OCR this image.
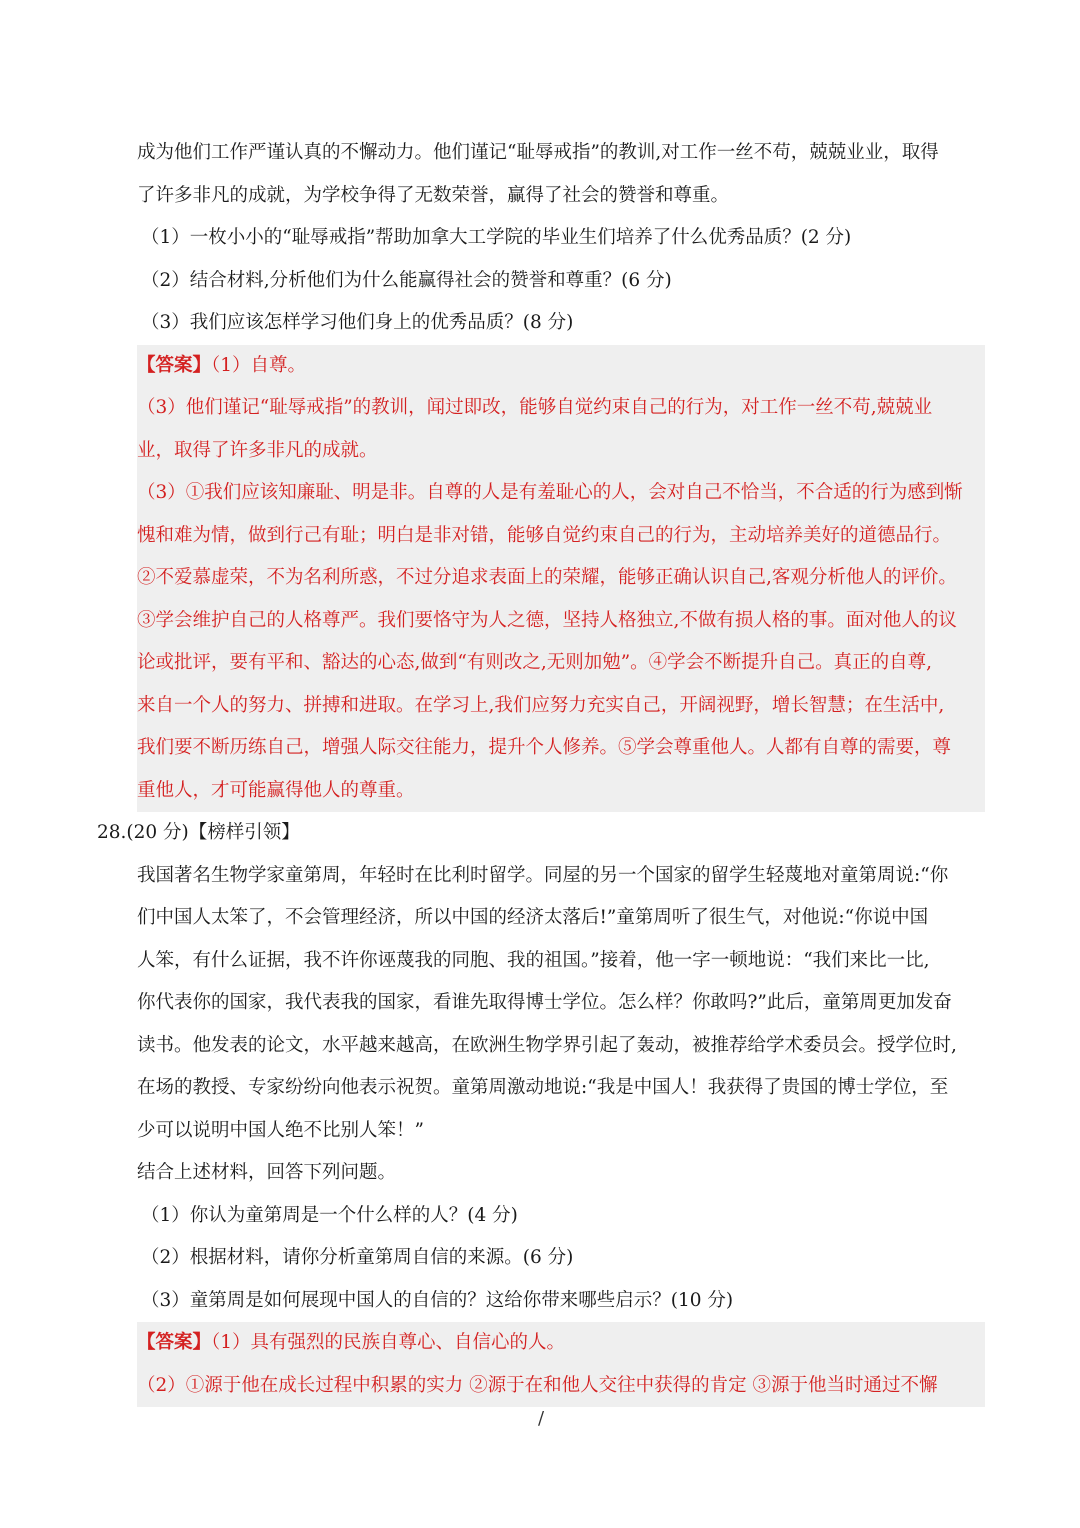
成为他们工作严谨认真的不懈动力。他们谨记“耻辱戒指”的教训,对工作一丝不苟，兢兢业业，取得
了许多非凡的成就，为学校争得了无数荣誉，赢得了社会的赞誉和尊重。
（1）一枚小小的“耻辱戒指”帮助加拿大工学院的毕业生们培养了什么优秀品质？(2 分)
（2）结合材料,分析他们为什么能赢得社会的赞誉和尊重？(6 分)
（3）我们应该怎样学习他们身上的优秀品质？(8 分)
【答案】（1）自尊。
（3）他们谨记“耻辱戒指”的教训，闻过即改，能够自觉约束自己的行为，对工作一丝不苟,兢兢业
业，取得了许多非凡的成就。
（3）①我们应该知廉耻、明是非。自尊的人是有羞耻心的人，会对自己不恰当，不合适的行为感到惭
愧和难为情，做到行己有耻；明白是非对错，能够自觉约束自己的行为，主动培养美好的道德品行。
②不爱慕虚荣，不为名利所惑，不过分追求表面上的荣耀，能够正确认识自己,客观分析他人的评价。
③学会维护自己的人格尊严。我们要恪守为人之德，坚持人格独立,不做有损人格的事。面对他人的议
论或批评，要有平和、豁达的心态,做到“有则改之,无则加勉”。④学会不断提升自己。真正的自尊,
来自一个人的努力、拼搏和进取。在学习上,我们应努力充实自己，开阔视野，增长智慧；在生活中,
我们要不断历练自己，增强人际交往能力，提升个人修养。⑤学会尊重他人。人都有自尊的需要，尊
重他人，才可能赢得他人的尊重。
28.(20 分)【榜样引领】
我国著名生物学家童第周，年轻时在比利时留学。同屋的另一个国家的留学生轻蔑地对童第周说:“你
们中国人太笨了，不会管理经济，所以中国的经济太落后!”童第周听了很生气，对他说:“你说中国
人笨，有什么证据，我不许你诬蔑我的同胞、我的祖国。”接着，他一字一顿地说：“我们来比一比,
你代表你的国家，我代表我的国家，看谁先取得博士学位。怎么样？你敢吗?”此后，童第周更加发奋
读书。他发表的论文，水平越来越高，在欧洲生物学界引起了轰动，被推荐给学术委员会。授学位时,
在场的教授、专家纷纷向他表示祝贺。童第周激动地说:“我是中国人！我获得了贵国的博士学位，至
少可以说明中国人绝不比别人笨！”
结合上述材料，回答下列问题。
（1）你认为童第周是一个什么样的人？(4 分)
（2）根据材料，请你分析童第周自信的来源。(6 分)
（3）童第周是如何展现中国人的自信的？这给你带来哪些启示？(10 分)
【答案】（1）具有强烈的民族自尊心、自信心的人。
（2）①源于他在成长过程中积累的实力 ②源于在和他人交往中获得的肯定 ③源于他当时通过不懈
/
